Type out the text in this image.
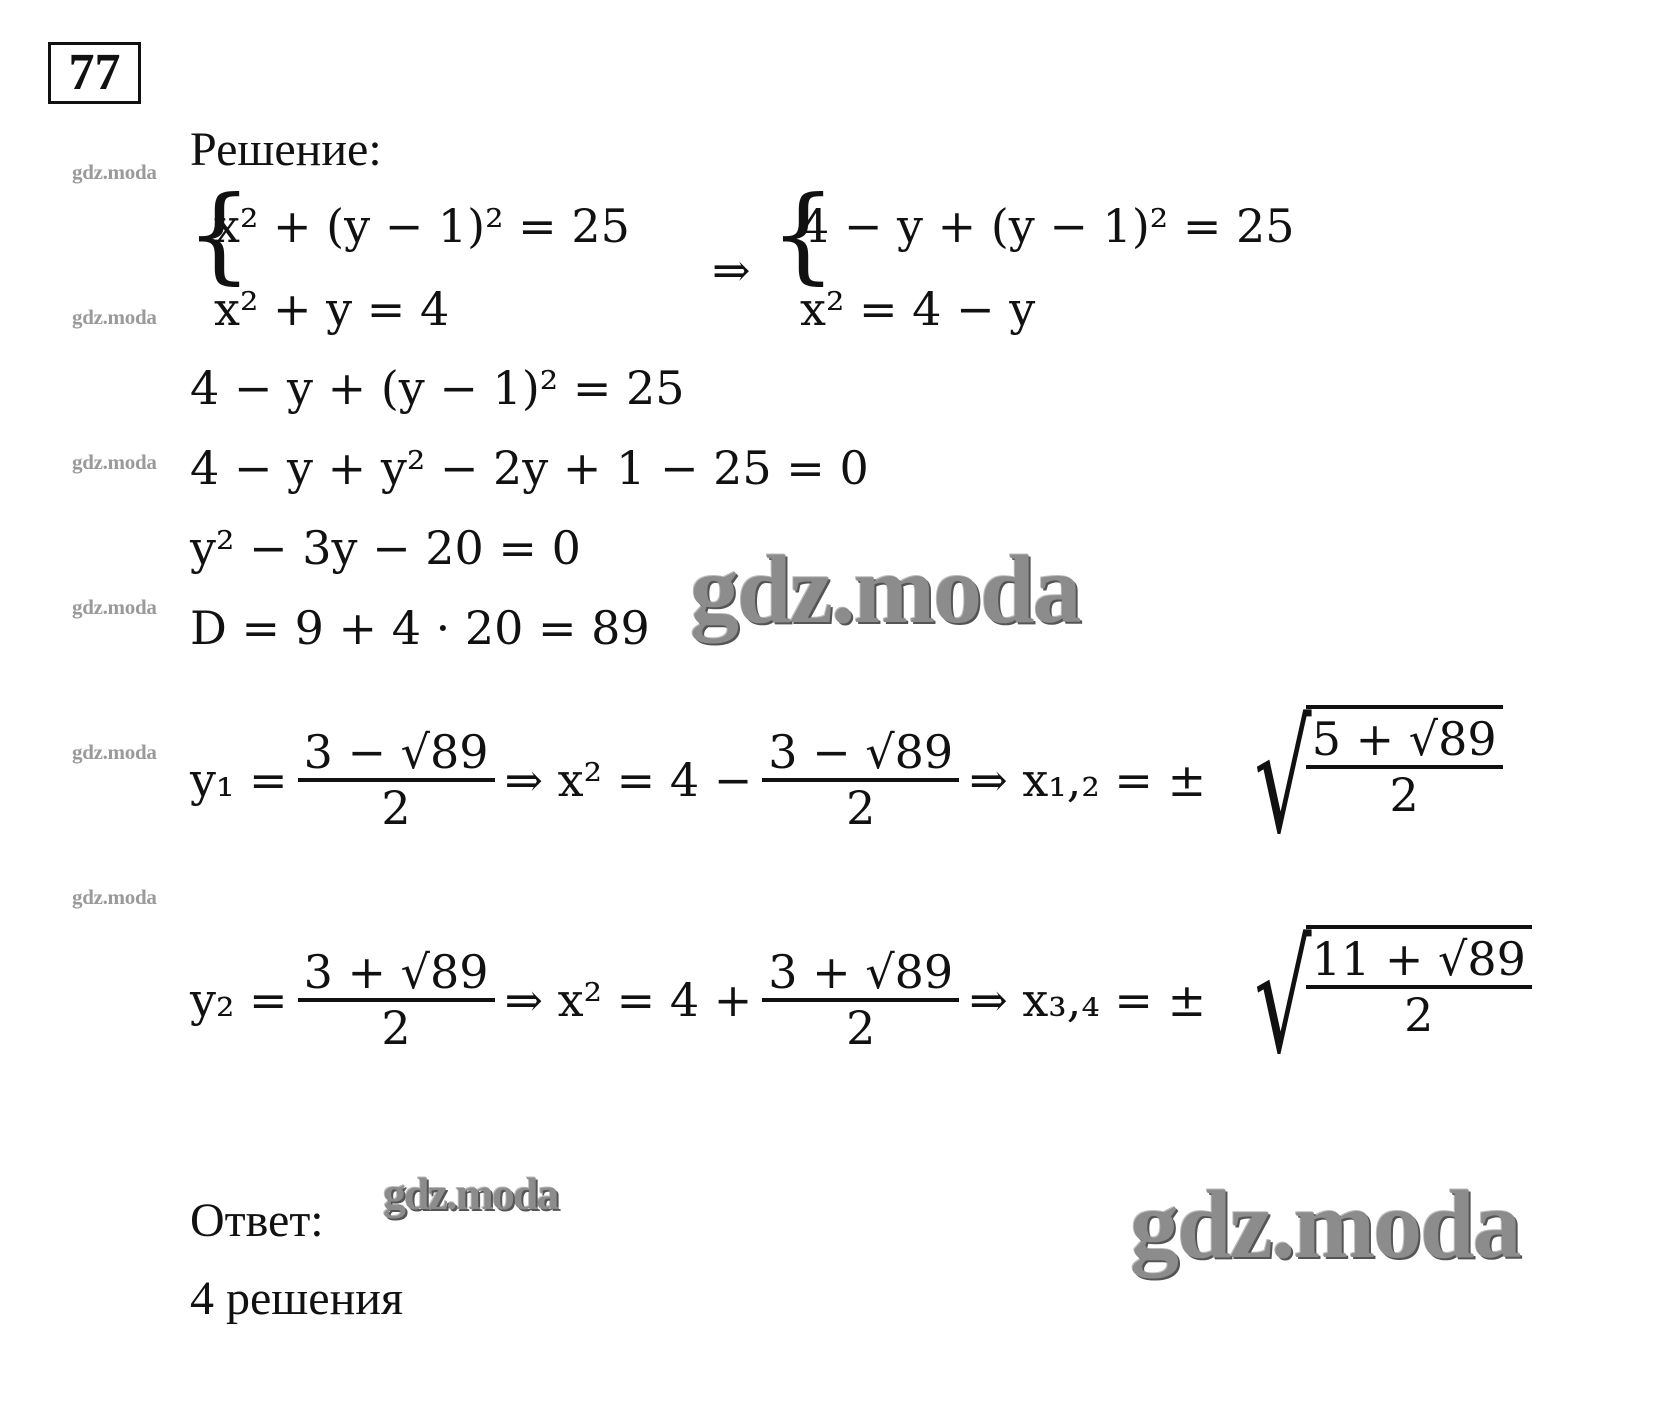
77
Решение:
gdz.moda
gdz.moda
gdz.moda
gdz.moda
gdz.moda
gdz.moda
{
x² + (y − 1)² = 25
x² + y = 4
⇒ {
4 − y + (y − 1)² = 25
x² = 4 − y
4 − y + (y − 1)² = 25
4 − y + y² − 2y + 1 − 25 = 0
y² − 3y − 20 = 0
D = 9 + 4 · 20 = 89 gdz.moda
$y_1 = \frac{3 - √89}{2}$ ⇒ $x^2 = 4 - \frac{3 - √89}{2}$ ⇒ x₁,₂ = ± √
$\frac{5 + √89}{2}$
$y_2 = \frac{3 + √89}{2}$ ⇒ $x^2 = 4 + \frac{3 + √89}{2}$ ⇒ x₃,₄ = ± √
$\frac{11 + √89}{2}$
Ответ:
gdz.moda
4 решения
gdz.moda
